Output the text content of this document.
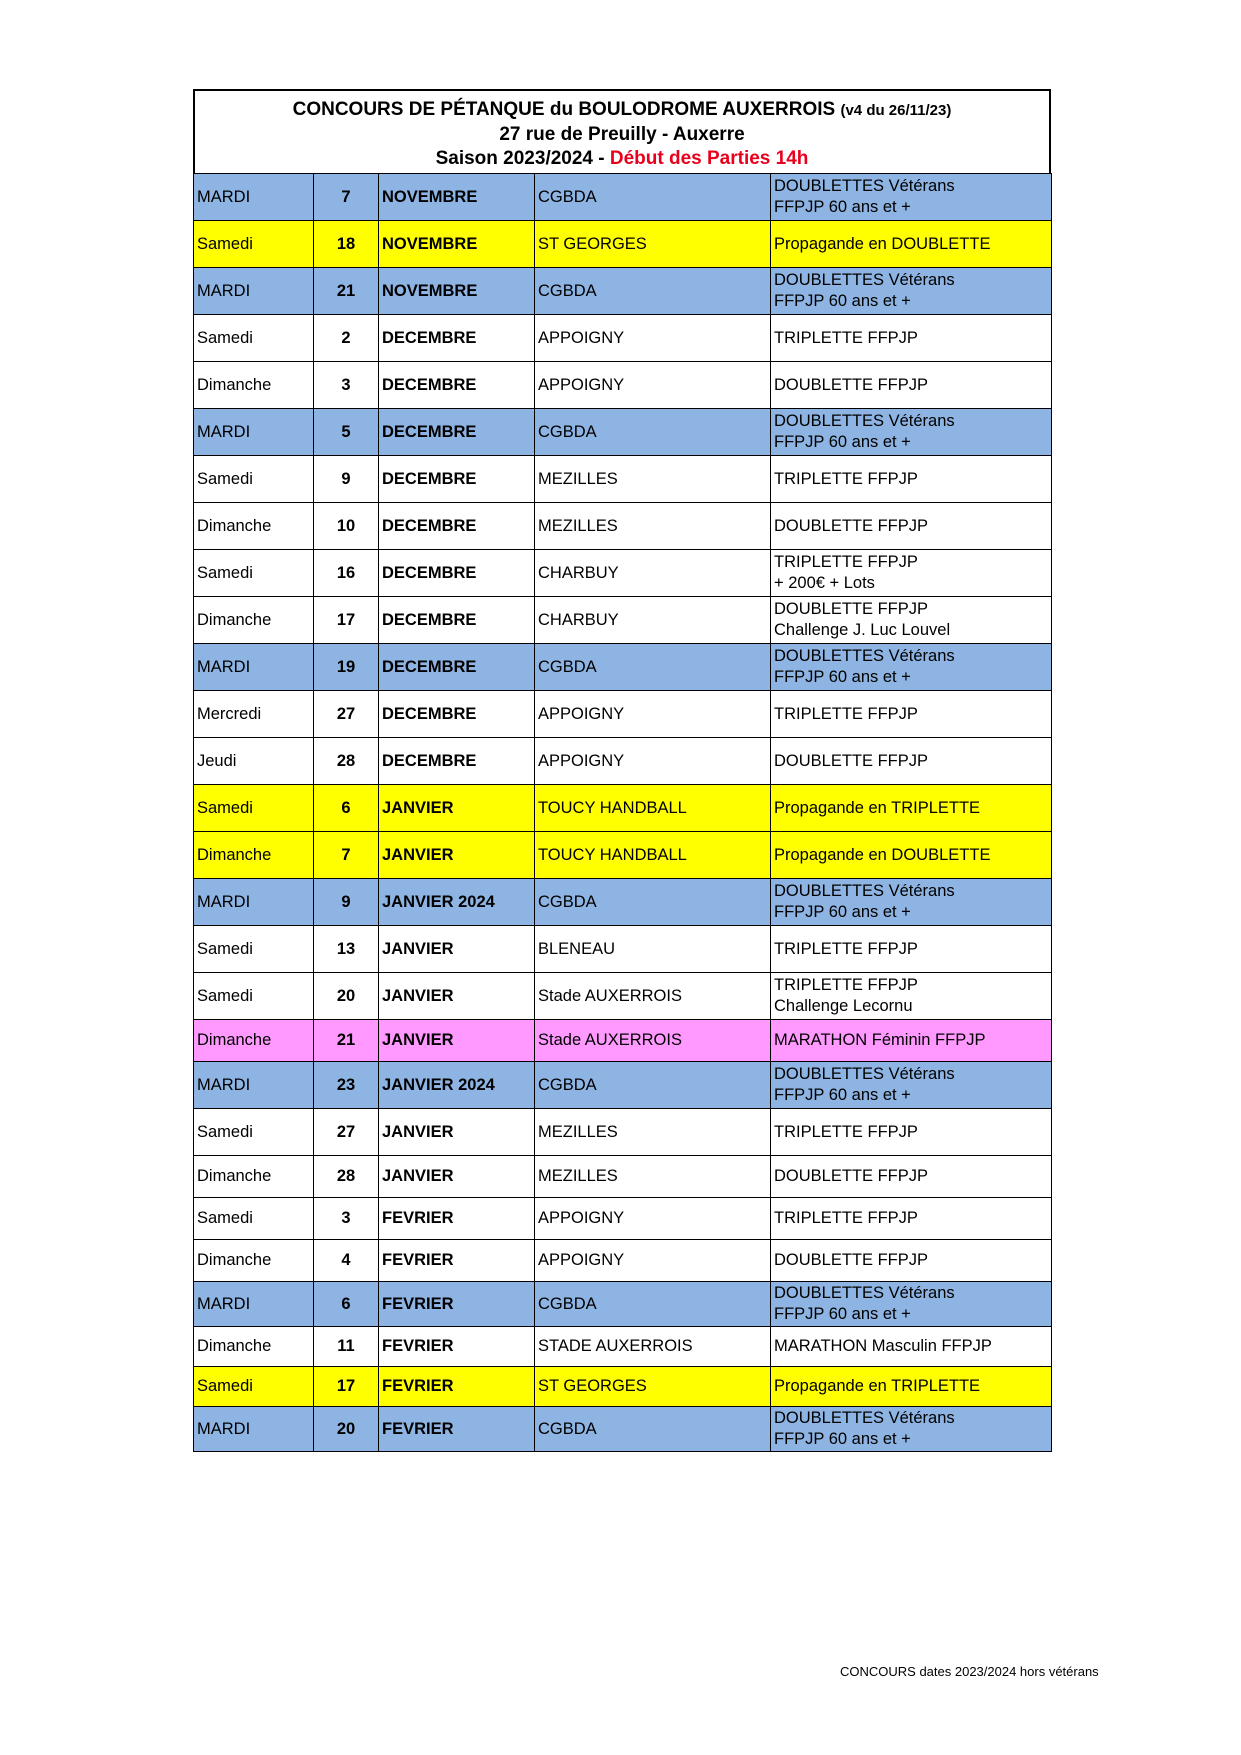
CONCOURS DE PÉTANQUE du BOULODROME AUXERROIS (v4 du 26/11/23)
27 rue de Preuilly - Auxerre
Saison 2023/2024 - Début des Parties 14h
MARDI	7	NOVEMBRE	CGBDA	DOUBLETTES Vétérans
FFPJP 60 ans et +

Samedi	18	NOVEMBRE	ST GEORGES	Propagande en DOUBLETTE

MARDI	21	NOVEMBRE	CGBDA	DOUBLETTES Vétérans
FFPJP 60 ans et +

Samedi	2	DECEMBRE	APPOIGNY	TRIPLETTE FFPJP

Dimanche	3	DECEMBRE	APPOIGNY	DOUBLETTE FFPJP

MARDI	5	DECEMBRE	CGBDA	DOUBLETTES Vétérans
FFPJP 60 ans et +

Samedi	9	DECEMBRE	MEZILLES	TRIPLETTE FFPJP

Dimanche	10	DECEMBRE	MEZILLES	DOUBLETTE FFPJP

Samedi	16	DECEMBRE	CHARBUY	TRIPLETTE FFPJP
+ 200€ + Lots

Dimanche	17	DECEMBRE	CHARBUY	DOUBLETTE FFPJP
Challenge J. Luc Louvel

MARDI	19	DECEMBRE	CGBDA	DOUBLETTES Vétérans
FFPJP 60 ans et +

Mercredi	27	DECEMBRE	APPOIGNY	TRIPLETTE FFPJP

Jeudi	28	DECEMBRE	APPOIGNY	DOUBLETTE FFPJP

Samedi	6	JANVIER	TOUCY HANDBALL	Propagande en TRIPLETTE

Dimanche	7	JANVIER	TOUCY HANDBALL	Propagande en DOUBLETTE

MARDI	9	JANVIER 2024	CGBDA	DOUBLETTES Vétérans
FFPJP 60 ans et +

Samedi	13	JANVIER	BLENEAU	TRIPLETTE FFPJP

Samedi	20	JANVIER	Stade AUXERROIS	TRIPLETTE FFPJP
Challenge Lecornu

Dimanche	21	JANVIER	Stade AUXERROIS	MARATHON Féminin FFPJP

MARDI	23	JANVIER 2024	CGBDA	DOUBLETTES Vétérans
FFPJP 60 ans et +

Samedi	27	JANVIER	MEZILLES	TRIPLETTE FFPJP

Dimanche	28	JANVIER	MEZILLES	DOUBLETTE FFPJP

Samedi	3	FEVRIER	APPOIGNY	TRIPLETTE FFPJP

Dimanche	4	FEVRIER	APPOIGNY	DOUBLETTE FFPJP

MARDI	6	FEVRIER	CGBDA	DOUBLETTES Vétérans
FFPJP 60 ans et +

Dimanche	11	FEVRIER	STADE AUXERROIS	MARATHON Masculin FFPJP

Samedi	17	FEVRIER	ST GEORGES	Propagande en TRIPLETTE

MARDI	20	FEVRIER	CGBDA	DOUBLETTES Vétérans
FFPJP 60 ans et +
CONCOURS dates 2023/2024 hors vétérans
